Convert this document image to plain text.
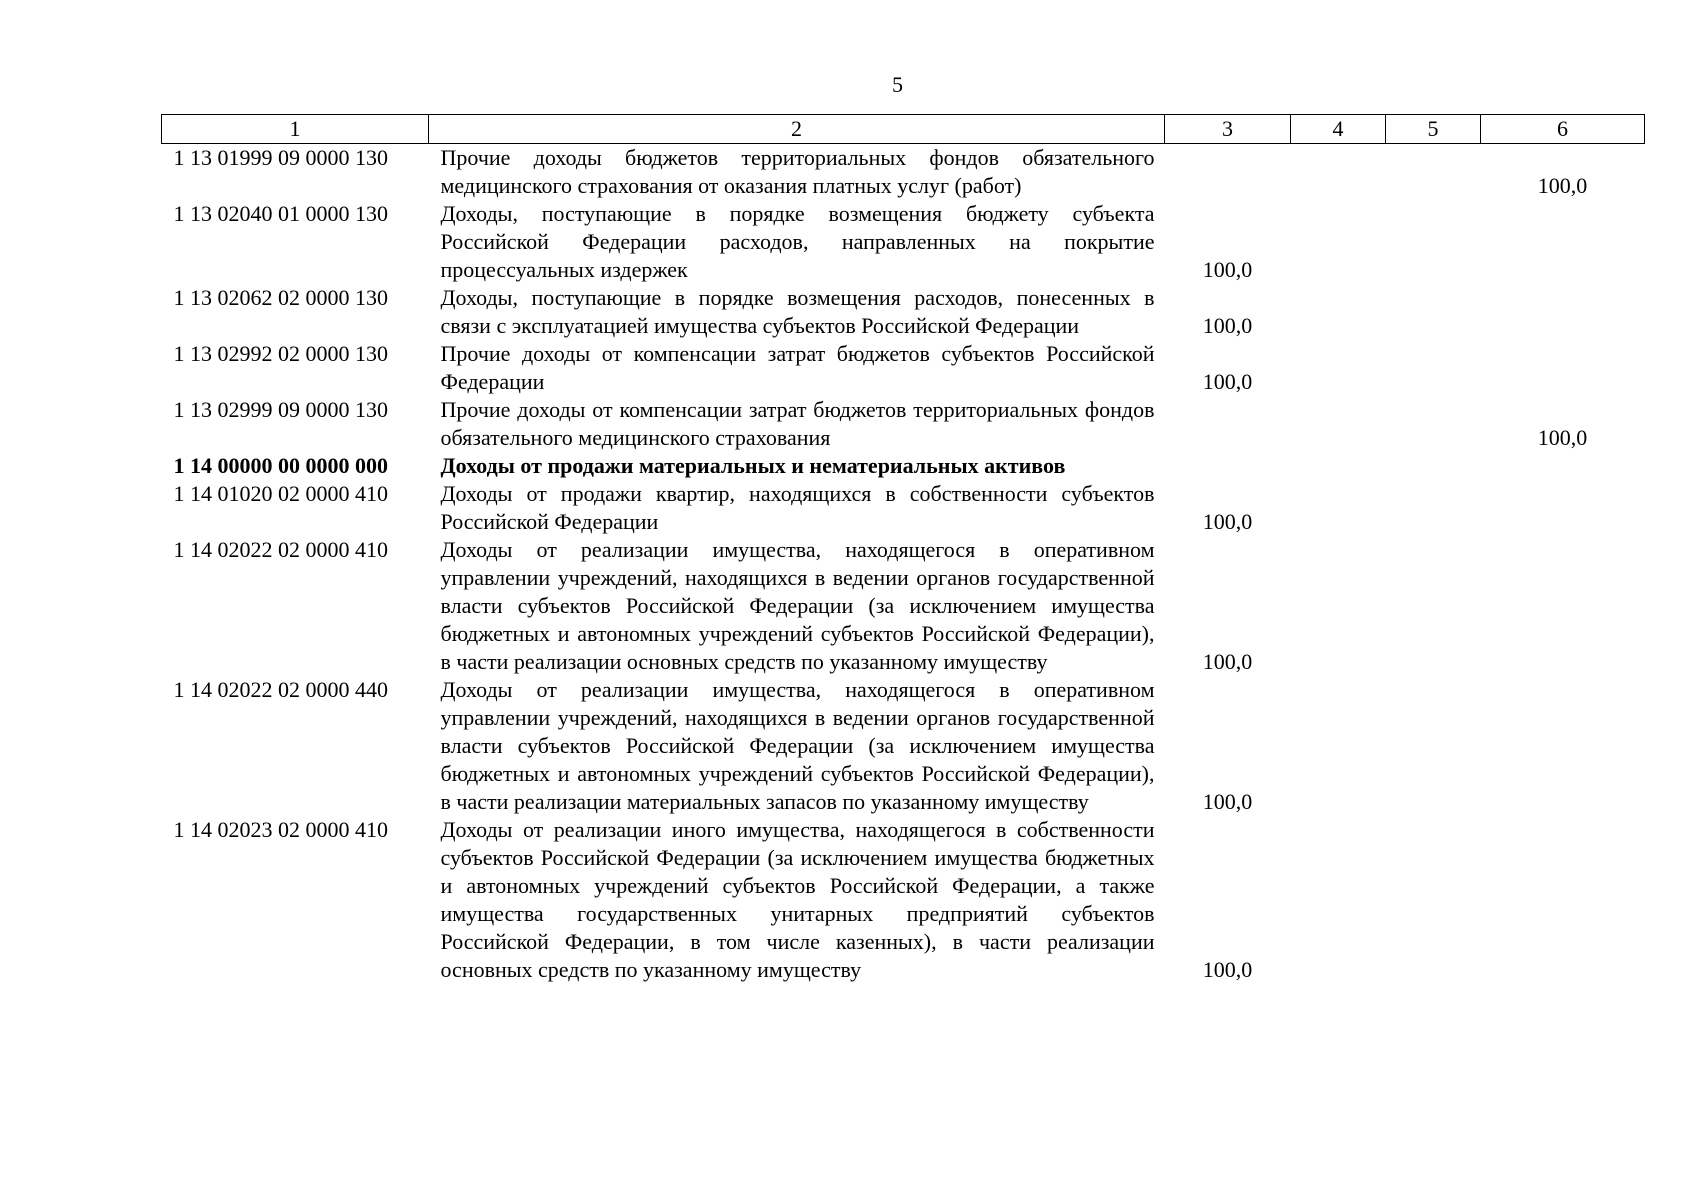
5
1	2	3	4	5	6
1 13 01999 09 0000 130	Прочие доходы бюджетов территориальных фондов обязательного медицинского страхования от оказания платных услуг (работ)				100,0
1 13 02040 01 0000 130	Доходы, поступающие в порядке возмещения бюджету субъекта Российской Федерации расходов, направленных на покрытие процессуальных издержек	100,0			
1 13 02062 02 0000 130	Доходы, поступающие в порядке возмещения расходов, понесенных в связи с эксплуатацией имущества субъектов Российской Федерации	100,0			
1 13 02992 02 0000 130	Прочие доходы от компенсации затрат бюджетов субъектов Российской Федерации	100,0			
1 13 02999 09 0000 130	Прочие доходы от компенсации затрат бюджетов территориальных фондов обязательного медицинского страхования				100,0
1 14 00000 00 0000 000	Доходы от продажи материальных и нематериальных активов				
1 14 01020 02 0000 410	Доходы от продажи квартир, находящихся в собственности субъектов Российской Федерации	100,0			
1 14 02022 02 0000 410	Доходы от реализации имущества, находящегося в оперативном управлении учреждений, находящихся в ведении органов государственной власти субъектов Российской Федерации (за исключением имущества бюджетных и автономных учреждений субъектов Российской Федерации), в части реализации основных средств по указанному имуществу	100,0			
1 14 02022 02 0000 440	Доходы от реализации имущества, находящегося в оперативном управлении учреждений, находящихся в ведении органов государственной власти субъектов Российской Федерации (за исключением имущества бюджетных и автономных учреждений субъектов Российской Федерации), в части реализации материальных запасов по указанному имуществу	100,0			
1 14 02023 02 0000 410	Доходы от реализации иного имущества, находящегося в собственности субъектов Российской Федерации (за исключением имущества бюджетных и автономных учреждений субъектов Российской Федерации, а также имущества государственных унитарных предприятий субъектов Российской Федерации, в том числе казенных), в части реализации основных средств по указанному имуществу	100,0			
